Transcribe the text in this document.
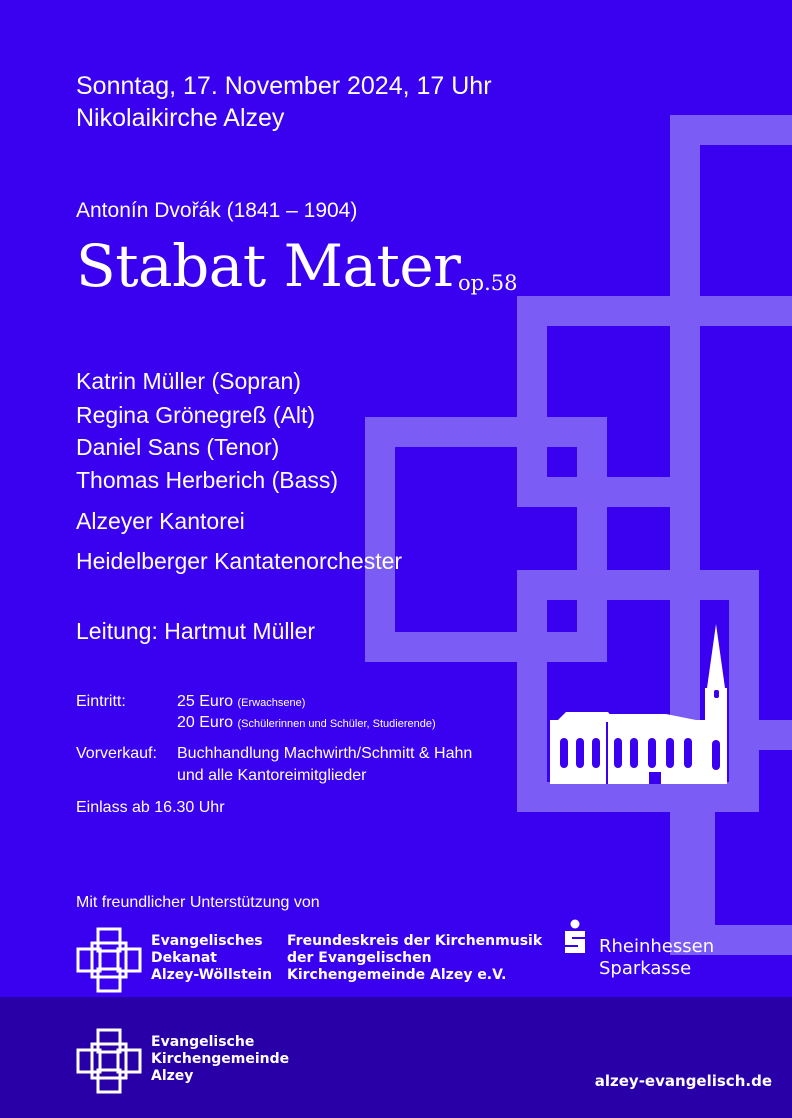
Sonntag, 17. November 2024, 17 Uhr
Nikolaikirche Alzey
Antonín Dvořák (1841 – 1904)
Stabat Mater
op.58
Katrin Müller (Sopran)
Regina Grönegreß (Alt)
Daniel Sans (Tenor)
Thomas Herberich (Bass)
Alzeyer Kantorei
Heidelberger Kantatenorchester
Leitung: Hartmut Müller
Eintritt:	25 Euro (Erwachsene)
20 Euro (Schülerinnen und Schüler, Studierende)
Vorverkauf: Buchhandlung Machwirth/Schmitt & Hahn
und alle Kantoreimitglieder
Einlass ab 16.30 Uhr
Mit freundlicher Unterstützung von
Evangelisches
Dekanat
Alzey-Wöllstein
Freundeskreis der Kirchenmusik
der Evangelischen
Kirchengemeinde Alzey e.V.
Rheinhessen
Sparkasse
Evangelische
Kirchengemeinde
Alzey	alzey-evangelisch.de
